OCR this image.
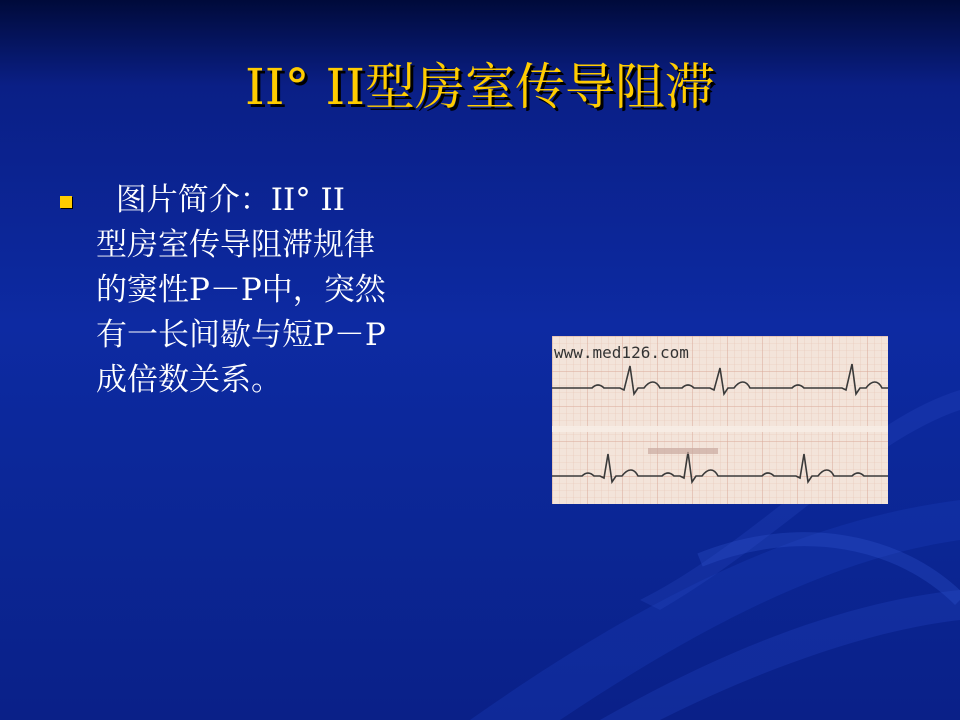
II° II型房室传导阻滞
图片简介：II° II
型房室传导阻滞规律
的窦性P－P中，突然
有一长间歇与短P－P
成倍数关系。
www.med126.com
